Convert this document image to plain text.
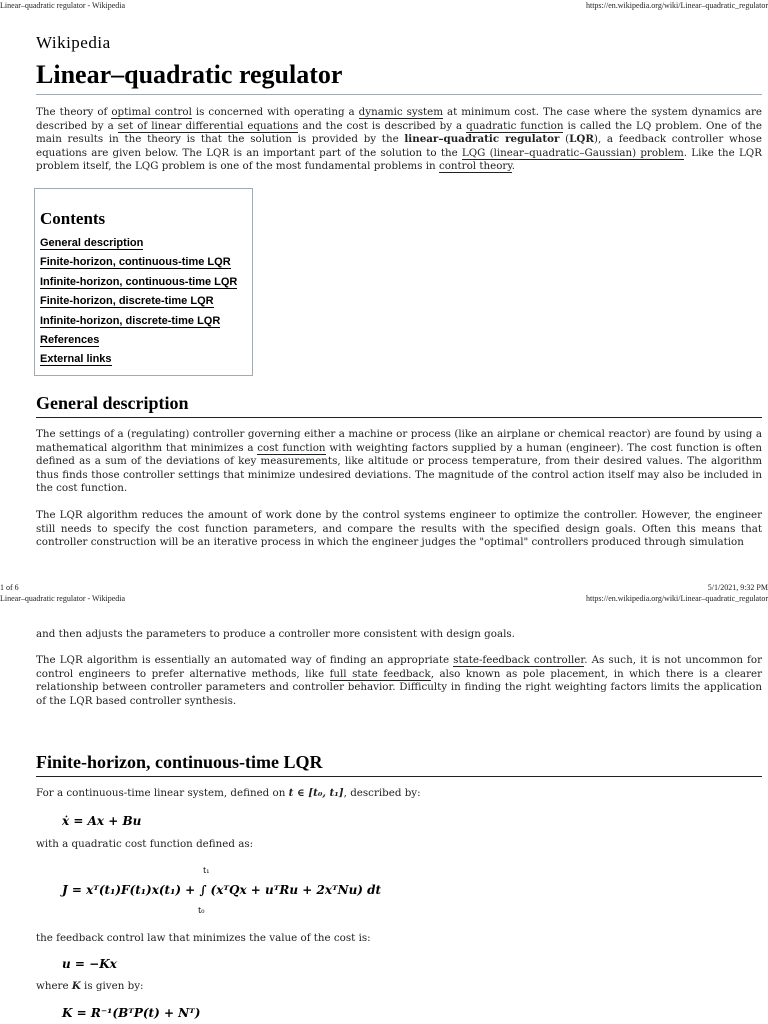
Linear–quadratic regulator - Wikipedia	https://en.wikipedia.org/wiki/Linear–quadratic_regulator
Wikipedia
Linear–quadratic regulator

The theory of optimal control is concerned with operating a dynamic system at minimum cost. The case where the system dynamics are described by a set of linear differential equations and the cost is described by a quadratic function is called the LQ problem. One of the main results in the theory is that the solution is provided by the linear–quadratic regulator (LQR), a feedback controller whose equations are given below. The LQR is an important part of the solution to the LQG (linear–quadratic–Gaussian) problem. Like the LQR problem itself, the LQG problem is one of the most fundamental problems in control theory.

Contents
General description
Finite-horizon, continuous-time LQR
Infinite-horizon, continuous-time LQR
Finite-horizon, discrete-time LQR
Infinite-horizon, discrete-time LQR
References
External links
General description

The settings of a (regulating) controller governing either a machine or process (like an airplane or chemical reactor) are found by using a mathematical algorithm that minimizes a cost function with weighting factors supplied by a human (engineer). The cost function is often defined as a sum of the deviations of key measurements, like altitude or process temperature, from their desired values. The algorithm thus finds those controller settings that minimize undesired deviations. The magnitude of the control action itself may also be included in the cost function.

The LQR algorithm reduces the amount of work done by the control systems engineer to optimize the controller. However, the engineer still needs to specify the cost function parameters, and compare the results with the specified design goals. Often this means that controller construction will be an iterative process in which the engineer judges the "optimal" controllers produced through simulation

1 of 6	5/1/2021, 9:32 PM
Linear–quadratic regulator - Wikipedia	https://en.wikipedia.org/wiki/Linear–quadratic_regulator

and then adjusts the parameters to produce a controller more consistent with design goals.

The LQR algorithm is essentially an automated way of finding an appropriate state-feedback controller. As such, it is not uncommon for control engineers to prefer alternative methods, like full state feedback, also known as pole placement, in which there is a clearer relationship between controller parameters and controller behavior. Difficulty in finding the right weighting factors limits the application of the LQR based controller synthesis.

Finite-horizon, continuous-time LQR

For a continuous-time linear system, defined on t ∈ [t₀, t₁], described by:

ẋ = Ax + Bu

with a quadratic cost function defined as:

J = xᵀ(t₁)F(t₁)x(t₁) + ∫ (xᵀQx + uᵀRu + 2xᵀNu) dt
t₁
t₀

the feedback control law that minimizes the value of the cost is:

u = −Kx

where K is given by:

K = R⁻¹(BᵀP(t) + Nᵀ)
